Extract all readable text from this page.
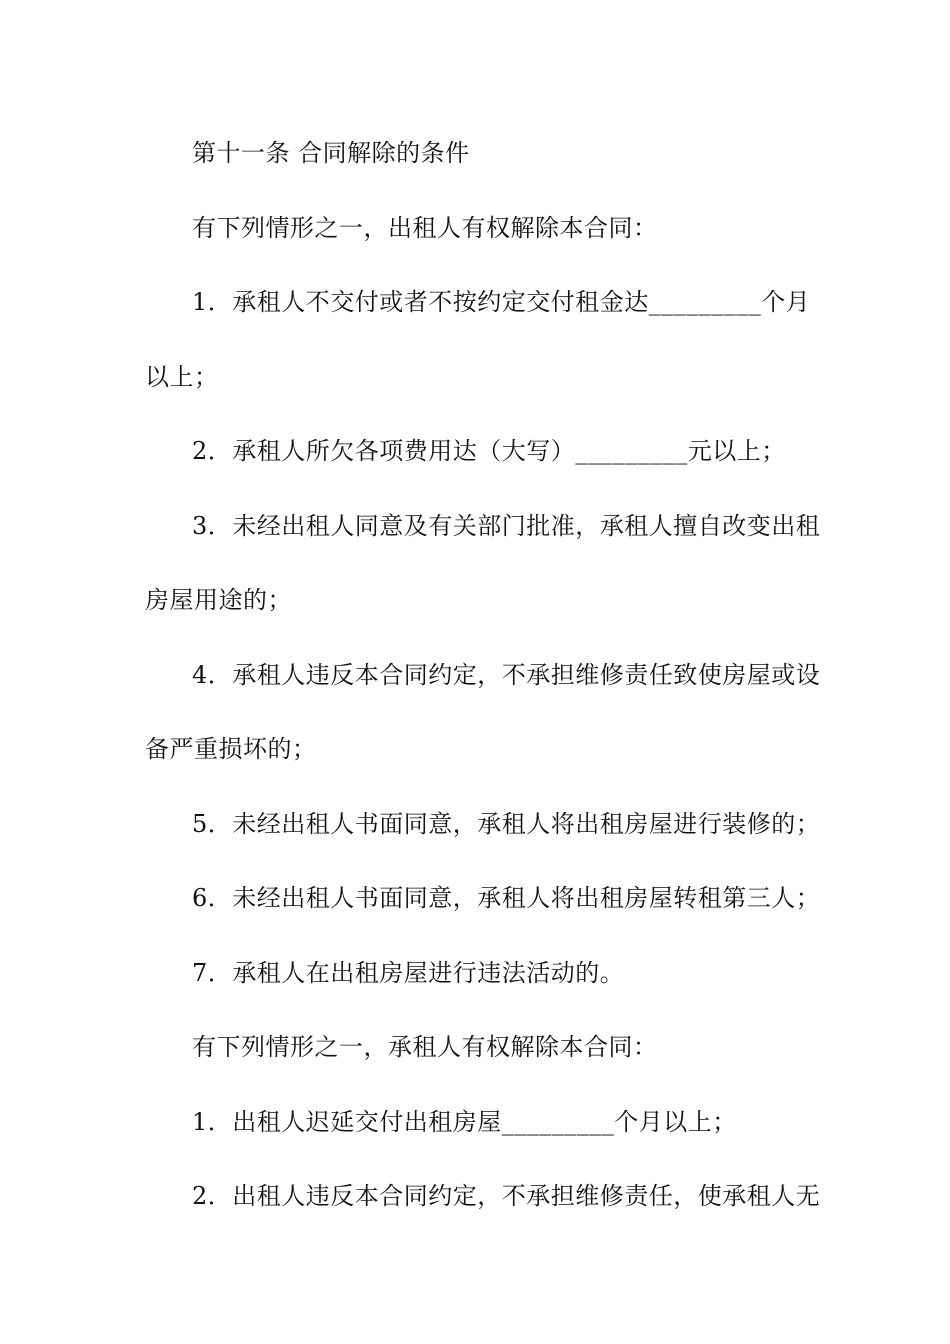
第十一条 合同解除的条件
有下列情形之一，出租人有权解除本合同：
1．承租人不交付或者不按约定交付租金达_________个月
以上；
2．承租人所欠各项费用达（大写）_________元以上；
3．未经出租人同意及有关部门批准，承租人擅自改变出租
房屋用途的；
4．承租人违反本合同约定，不承担维修责任致使房屋或设
备严重损坏的；
5．未经出租人书面同意，承租人将出租房屋进行装修的；
6．未经出租人书面同意，承租人将出租房屋转租第三人；
7．承租人在出租房屋进行违法活动的。
有下列情形之一，承租人有权解除本合同：
1．出租人迟延交付出租房屋_________个月以上；
2．出租人违反本合同约定，不承担维修责任，使承租人无
